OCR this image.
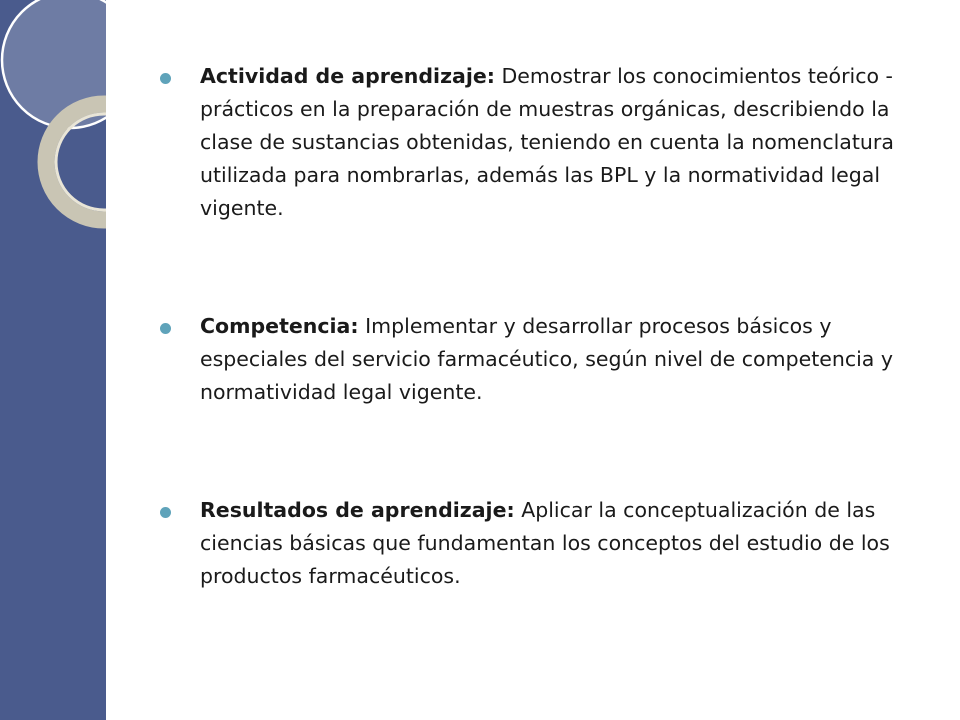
Actividad de aprendizaje: Demostrar los conocimientos teórico - prácticos en la preparación de muestras orgánicas, describiendo la clase de sustancias obtenidas, teniendo en cuenta la nomenclatura utilizada para nombrarlas, además las BPL y la normatividad legal vigente.
Competencia: Implementar y desarrollar procesos básicos y especiales del servicio farmacéutico, según nivel de competencia y normatividad legal vigente.
Resultados de aprendizaje: Aplicar la conceptualización de las ciencias básicas que fundamentan los conceptos del estudio de los productos farmacéuticos.
